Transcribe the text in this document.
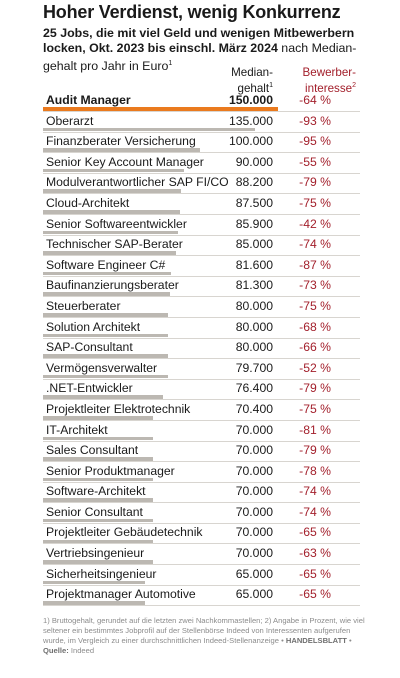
Hoher Verdienst, wenig Konkurrenz
25 Jobs, die mit viel Geld und wenigen Mitbewerbern locken, Okt. 2023 bis einschl. März 2024 nach Median-gehalt pro Jahr in Euro$^1$
Median-
gehalt$^1$
Bewerber-
interesse$^2$
Audit Manager	150.000	-64 %
Oberarzt	135.000	-93 %
Finanzberater Versicherung	100.000	-95 %
Senior Key Account Manager	90.000	-55 %
Modulverantwortlicher SAP FI/CO 88.200	-79 %
Cloud-Architekt	87.500	-75 %
Senior Softwareentwickler	85.900	-42 %
Technischer SAP-Berater	85.000	-74 %
Software Engineer C#	81.600	-87 %
Baufinanzierungsberater	81.300	-73 %
Steuerberater	80.000	-75 %
Solution Architekt	80.000	-68 %
SAP-Consultant	80.000	-66 %
Vermögensverwalter	79.700	-52 %
.NET-Entwickler	76.400	-79 %
Projektleiter Elektrotechnik	70.400	-75 %
IT-Architekt	70.000	-81 %
Sales Consultant	70.000	-79 %
Senior Produktmanager	70.000	-78 %
Software-Architekt	70.000	-74 %
Senior Consultant	70.000	-74 %
Projektleiter Gebäudetechnik	70.000	-65 %
Vertriebsingenieur	70.000	-63 %
Sicherheitsingenieur	65.000	-65 %
Projektmanager Automotive	65.000	-65 %
1) Bruttogehalt, gerundet auf die letzten zwei Nachkommastellen; 2) Angabe in Prozent, wie viel seltener ein bestimmtes Jobprofil auf der Stellenbörse Indeed von Interessenten aufgerufen wurde, im Vergleich zu einer durchschnittlichen Indeed-Stellenanzeige • HANDELSBLATT • Quelle: Indeed
